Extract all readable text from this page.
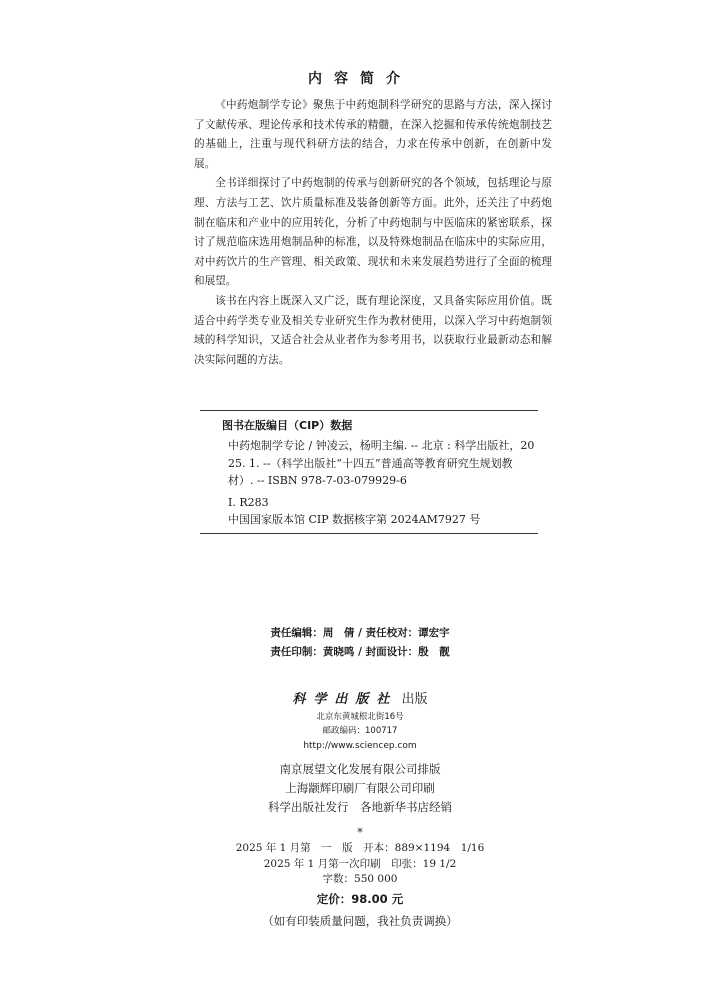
内容简介

《中药炮制学专论》聚焦于中药炮制科学研究的思路与方法，深入探讨了文献传承、理论传承和技术传承的精髓，在深入挖掘和传承传统炮制技艺的基础上，注重与现代科研方法的结合，力求在传承中创新，在创新中发展。

全书详细探讨了中药炮制的传承与创新研究的各个领域，包括理论与原理、方法与工艺、饮片质量标准及装备创新等方面。此外，还关注了中药炮制在临床和产业中的应用转化，分析了中药炮制与中医临床的紧密联系，探讨了规范临床选用炮制品种的标准，以及特殊炮制品在临床中的实际应用，对中药饮片的生产管理、相关政策、现状和未来发展趋势进行了全面的梳理和展望。

该书在内容上既深入又广泛，既有理论深度，又具备实际应用价值。既适合中药学类专业及相关专业研究生作为教材使用，以深入学习中药炮制领域的科学知识，又适合社会从业者作为参考用书，以获取行业最新动态和解决实际问题的方法。

图书在版编目（CIP）数据
中药炮制学专论 / 钟凌云，杨明主编. -- 北京 : 科学出版社，2025. 1. --（科学出版社“十四五”普通高等教育研究生规划教材）. -- ISBN 978-7-03-079929-6
Ⅰ. R283
中国国家版本馆 CIP 数据核字第 2024AM7927 号
责任编辑：周　倩 / 责任校对：谭宏宇
责任印制：黄晓鸣 / 封面设计：殷　靓
科学出版社 出版
北京东黄城根北街16号
邮政编码：100717
http://www.sciencep.com
南京展望文化发展有限公司排版
上海颛辉印刷厂有限公司印刷
科学出版社发行　各地新华书店经销
*
2025 年 1 月第　一　版　开本：889×1194　1/16
2025 年 1 月第一次印刷　印张：19 1/2
字数：550 000
定价：98.00 元
（如有印装质量问题，我社负责调换）
